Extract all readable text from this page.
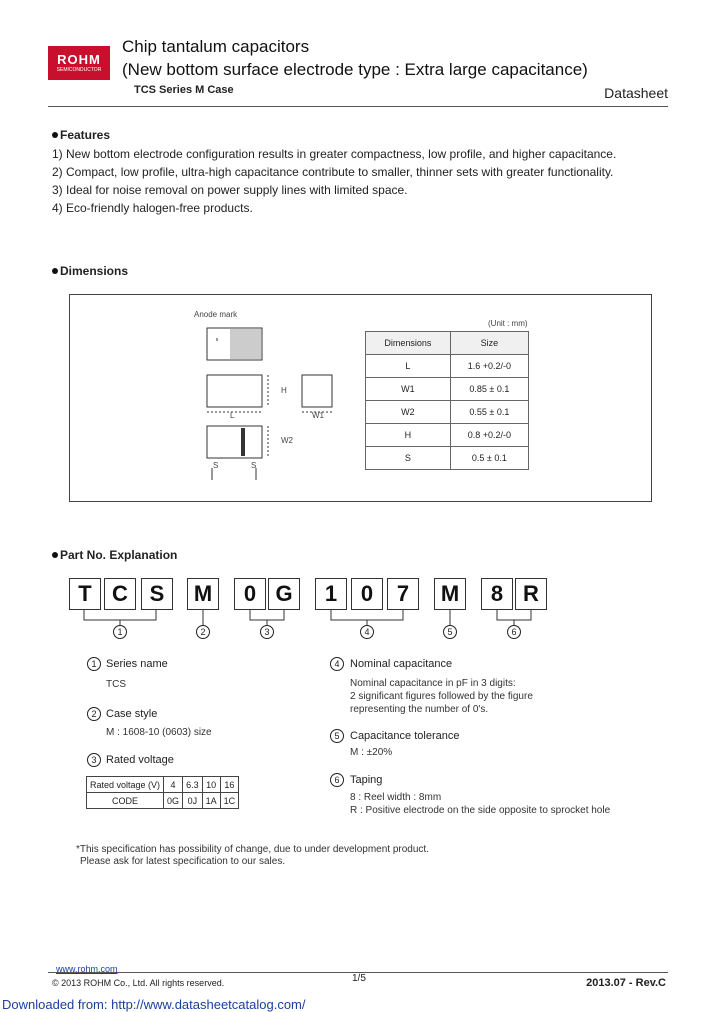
ROHM
SEMICONDUCTOR
Chip tantalum capacitors
(New bottom surface electrode type : Extra large capacitance)
TCS Series M Case	Datasheet
Features
1) New bottom electrode configuration results in greater compactness, low profile, and higher capacitance.
2) Compact, low profile, ultra-high capacitance contribute to smaller, thinner sets with greater functionality.
3) Ideal for noise removal on power supply lines with limited space.
4) Eco-friendly halogen-free products.
Dimensions
Anode mark
L
H
W1
W2
S	S
(Unit : mm)
Dimensions	Size
L	1.6 +0.2/-0
W1	0.85 ± 0.1
W2	0.55 ± 0.1
H	0.8 +0.2/-0
S	0.5 ± 0.1
Part No. Explanation
T C S	M	0 G	1	0	7	M	8 R
1	2	3	4	5	6
1 Series name
TCS
2 Case style
M : 1608-10 (0603) size
3 Rated voltage
Rated voltage (V)	4	6.3	10	16
CODE	0G	0J	1A	1C
4 Nominal capacitance
Nominal capacitance in pF in 3 digits:
2 significant figures followed by the figure
representing the number of 0's.
5 Capacitance tolerance
M : ±20%
6 Taping
8 : Reel width : 8mm
R : Positive electrode on the side opposite to sprocket hole
*This specification has possibility of change, due to under development product.
Please ask for latest specification to our sales.
www.rohm.com
© 2013 ROHM Co., Ltd. All rights reserved.	1/5	2013.07 - Rev.C
Downloaded from: http://www.datasheetcatalog.com/
